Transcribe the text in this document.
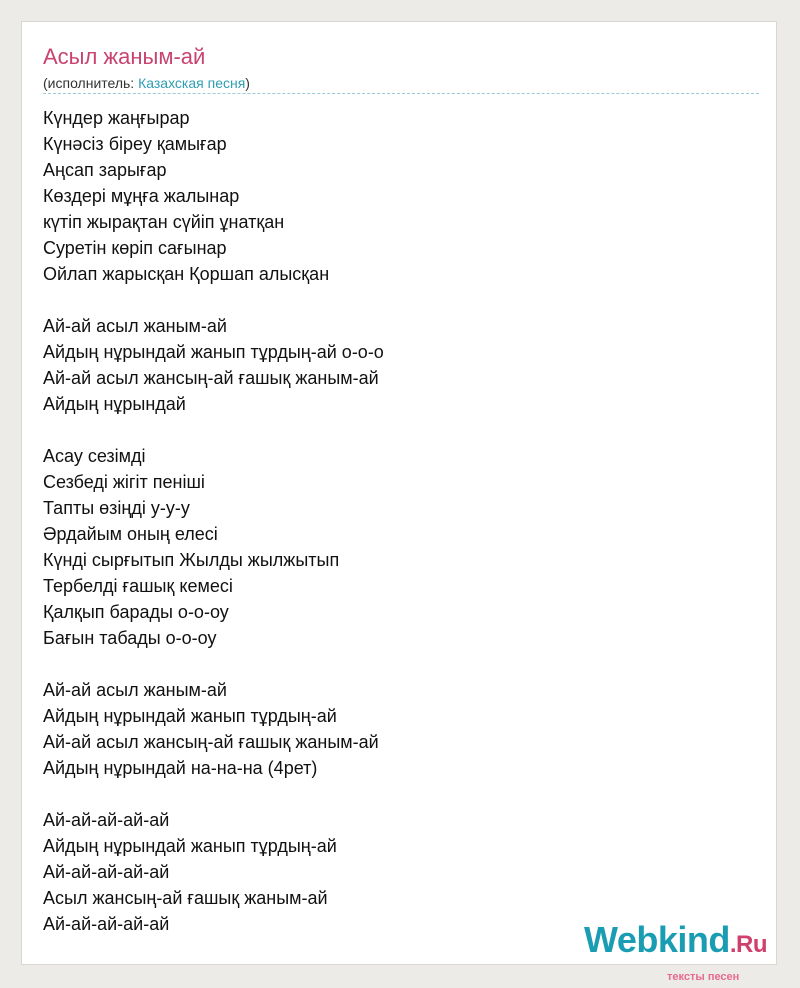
Асыл жаным-ай
(исполнитель: Казахская песня)
Күндер жаңғырар
Күнәсіз біреу қамығар
Аңсап зарығар
Көздері мұңға жалынар
күтіп жырақтан сүйіп ұнатқан
Суретін көріп сағынар
Ойлап жарысқан Қоршап алысқан
Ай-ай асыл жаным-ай
Айдың нұрындай жанып тұрдың-ай о-о-о
Ай-ай асыл жансың-ай ғашық жаным-ай
Айдың нұрындай
Асау сезімді
Сезбеді жігіт пеніші
Тапты өзіңді у-у-у
Әрдайым оның елесі
Күнді сырғытып Жылды жылжытып
Тербелді ғашық кемесі
Қалқып барады о-о-оу
Бағын табады о-о-оу
Ай-ай асыл жаным-ай
Айдың нұрындай жанып тұрдың-ай
Ай-ай асыл жансың-ай ғашық жаным-ай
Айдың нұрындай на-на-на (4рет)
Ай-ай-ай-ай-ай
Айдың нұрындай жанып тұрдың-ай
Ай-ай-ай-ай-ай
Асыл жансың-ай ғашық жаным-ай
Ай-ай-ай-ай-ай	Webkind.Ru
тексты песен
